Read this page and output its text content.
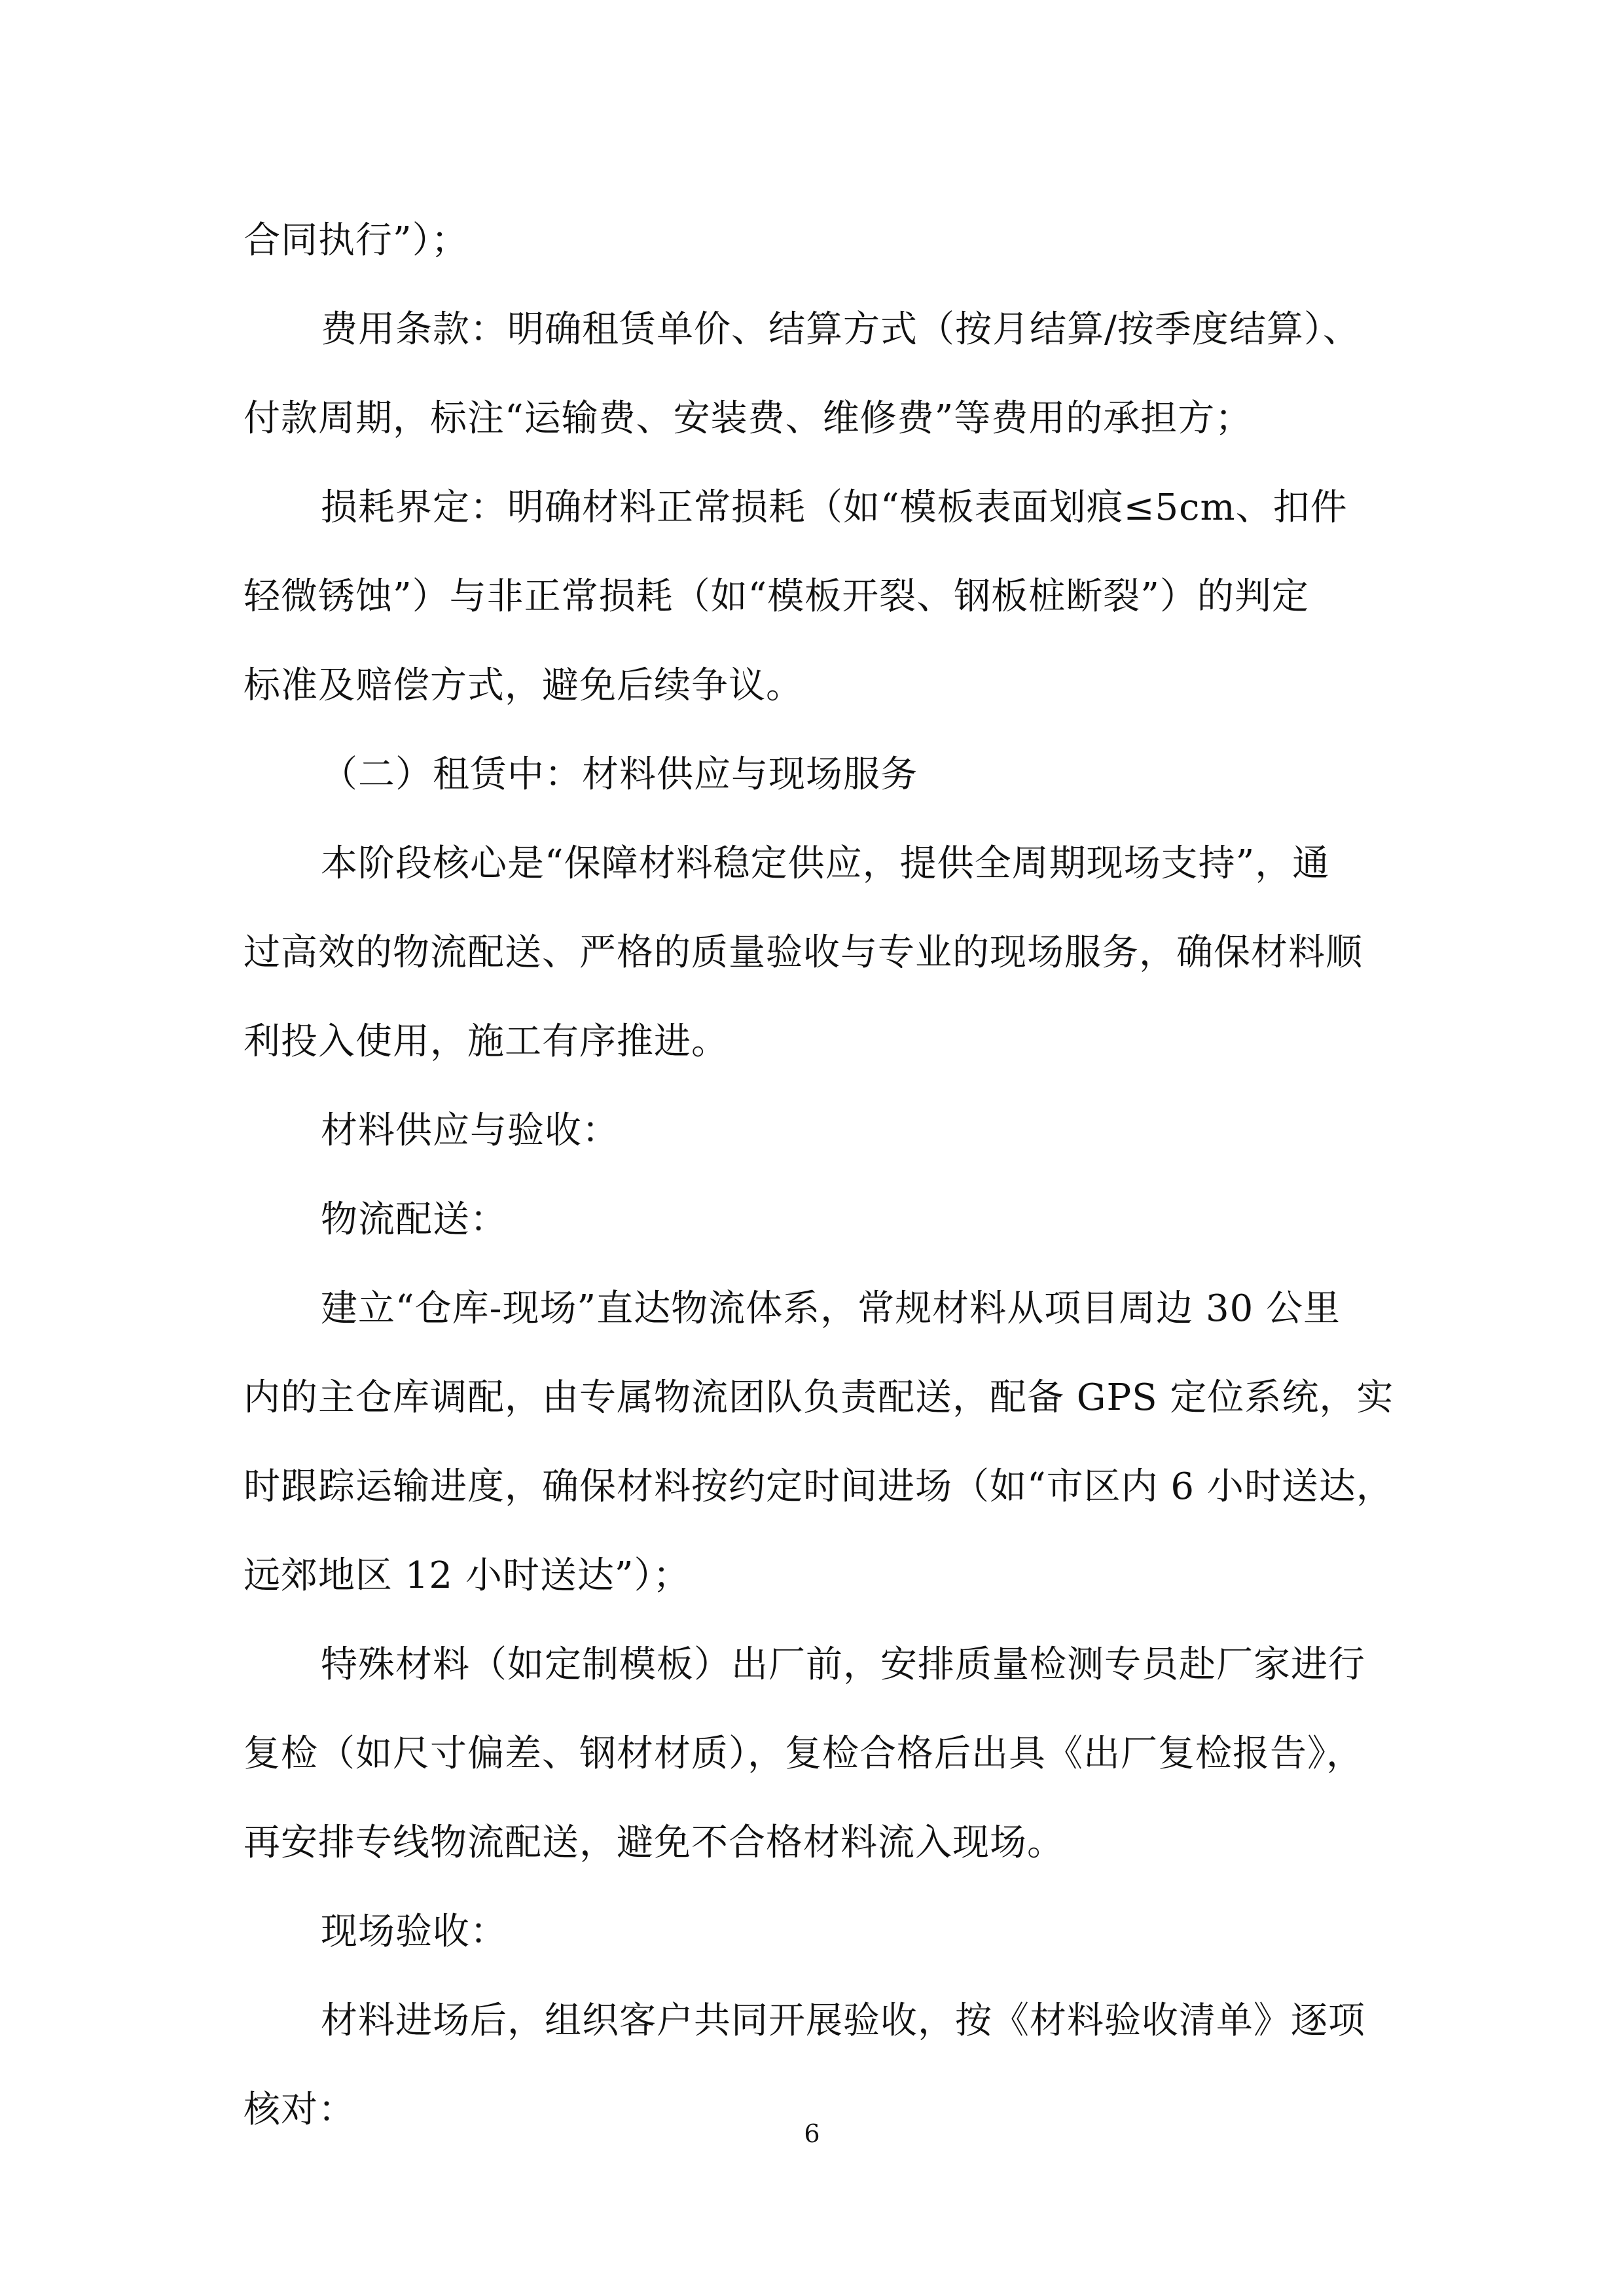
合同执行”）；
费用条款：明确租赁单价、结算方式（按月结算/按季度结算）、
付款周期，标注“运输费、安装费、维修费”等费用的承担方；
损耗界定：明确材料正常损耗（如“模板表面划痕≤5cm、扣件
轻微锈蚀”）与非正常损耗（如“模板开裂、钢板桩断裂”）的判定
标准及赔偿方式，避免后续争议。
（二）租赁中：材料供应与现场服务
本阶段核心是“保障材料稳定供应，提供全周期现场支持”，通
过高效的物流配送、严格的质量验收与专业的现场服务，确保材料顺
利投入使用，施工有序推进。
材料供应与验收：
物流配送：
建立“仓库-现场”直达物流体系，常规材料从项目周边 30 公里
内的主仓库调配，由专属物流团队负责配送，配备 GPS 定位系统，实
时跟踪运输进度，确保材料按约定时间进场（如“市区内 6 小时送达，
远郊地区 12 小时送达”）；
特殊材料（如定制模板）出厂前，安排质量检测专员赴厂家进行
复检（如尺寸偏差、钢材材质），复检合格后出具《出厂复检报告》，
再安排专线物流配送，避免不合格材料流入现场。
现场验收：
材料进场后，组织客户共同开展验收，按《材料验收清单》逐项
核对：
6
